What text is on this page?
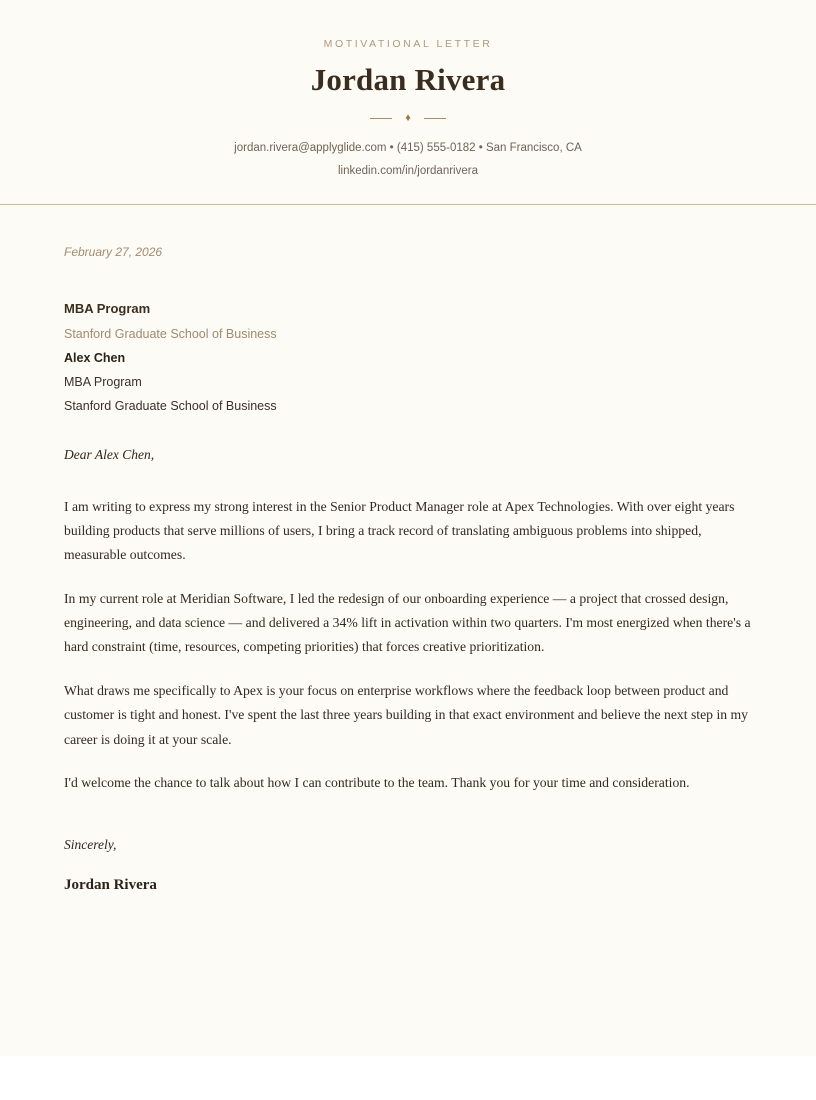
MOTIVATIONAL LETTER

Jordan Rivera
♦

jordan.rivera@applyglide.com • (415) 555-0182 • San Francisco, CA

linkedin.com/in/jordanrivera

February 27, 2026
MBA Program
Stanford Graduate School of Business
Alex Chen
MBA Program
Stanford Graduate School of Business

Dear Alex Chen,

I am writing to express my strong interest in the Senior Product Manager role at Apex Technologies. With over eight years building products that serve millions of users, I bring a track record of translating ambiguous problems into shipped, measurable outcomes.

In my current role at Meridian Software, I led the redesign of our onboarding experience — a project that crossed design, engineering, and data science — and delivered a 34% lift in activation within two quarters. I'm most energized when there's a hard constraint (time, resources, competing priorities) that forces creative prioritization.

What draws me specifically to Apex is your focus on enterprise workflows where the feedback loop between product and customer is tight and honest. I've spent the last three years building in that exact environment and believe the next step in my career is doing it at your scale.

I'd welcome the chance to talk about how I can contribute to the team. Thank you for your time and consideration.

Sincerely,

Jordan Rivera
